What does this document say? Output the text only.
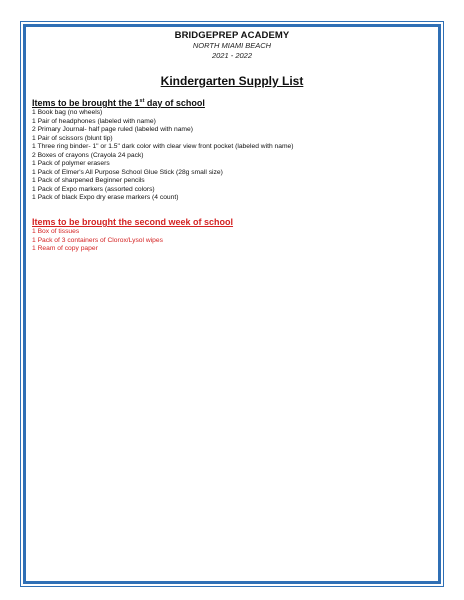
BRIDGEPREP ACADEMY

NORTH MIAMI BEACH

2021 - 2022

Kindergarten Supply List

Items to be brought the 1st day of school

1 Book bag (no wheels)
1 Pair of headphones (labeled with name)
2 Primary Journal- half page ruled (labeled with name)
1 Pair of scissors (blunt tip)
1 Three ring binder- 1" or 1.5" dark color with clear view front pocket (labeled with name)
2 Boxes of crayons (Crayola 24 pack)
1 Pack of polymer erasers
1 Pack of Elmer's All Purpose School Glue Stick (28g small size)
1 Pack of sharpened Beginner pencils
1 Pack of Expo markers (assorted colors)
1 Pack of black Expo dry erase markers (4 count)

Items to be brought the second week of school

1 Box of tissues
1 Pack of 3 containers of Clorox/Lysol wipes
1 Ream of copy paper
